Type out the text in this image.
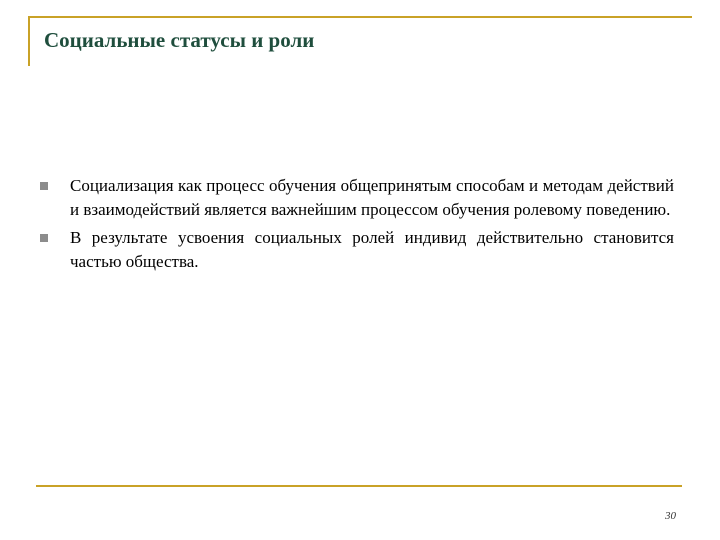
Социальные статусы и роли
Социализация как процесс обучения общепринятым способам и методам действий и взаимодействий является важнейшим процессом обучения ролевому поведению.
В результате усвоения социальных ролей индивид действительно становится частью общества.
30
